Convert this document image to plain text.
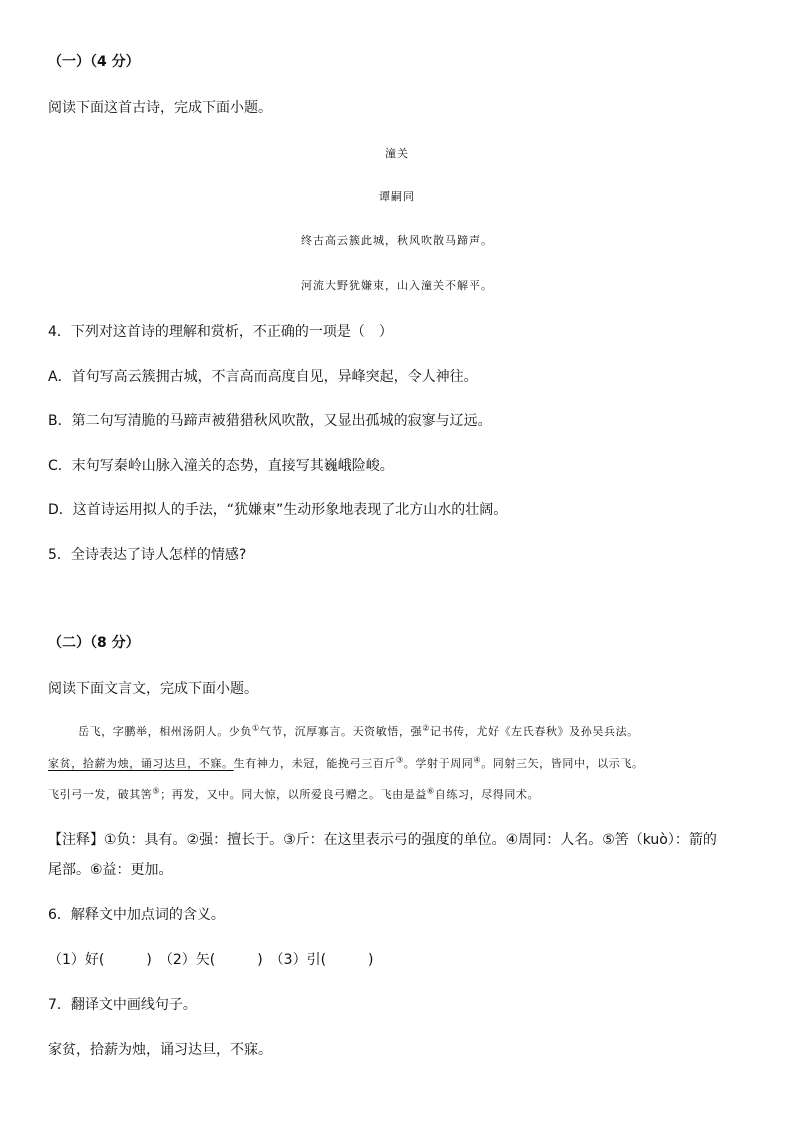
（一）（4 分）
阅读下面这首古诗，完成下面小题。
潼关
谭嗣同
终古高云簇此城，秋风吹散马蹄声。
河流大野犹嫌束，山入潼关不解平。
4．下列对这首诗的理解和赏析，不正确的一项是（　）
A．首句写高云簇拥古城，不言高而高度自见，异峰突起，令人神往。
B．第二句写清脆的马蹄声被猎猎秋风吹散，又显出孤城的寂寥与辽远。
C．末句写秦岭山脉入潼关的态势，直接写其巍峨险峻。
D．这首诗运用拟人的手法，“犹嫌束”生动形象地表现了北方山水的壮阔。
5．全诗表达了诗人怎样的情感?
（二）（8 分）
阅读下面文言文，完成下面小题。
岳飞，字鹏举，相州汤阴人。少负①气节，沉厚寡言。天资敏悟，强②记书传，尤好《左氏春秋》及孙吴兵法。
家贫，拾薪为烛，诵习达旦，不寐。生有神力，未冠，能挽弓三百斤③。学射于周同④。同射三矢，皆同中，以示飞。
飞引弓一发，破其筈⑤；再发，又中。同大惊，以所爱良弓赠之。飞由是益⑥自练习，尽得同术。
【注释】①负：具有。②强：擅长于。③斤：在这里表示弓的强度的单位。④周同：人名。⑤筈（kuò）：箭的
尾部。⑥益：更加。
6．解释文中加点词的含义。
（1）好(　　　)　（2）矢(　　　)　（3）引(　　　)
7．翻译文中画线句子。
家贫，拾薪为烛，诵习达旦，不寐。
